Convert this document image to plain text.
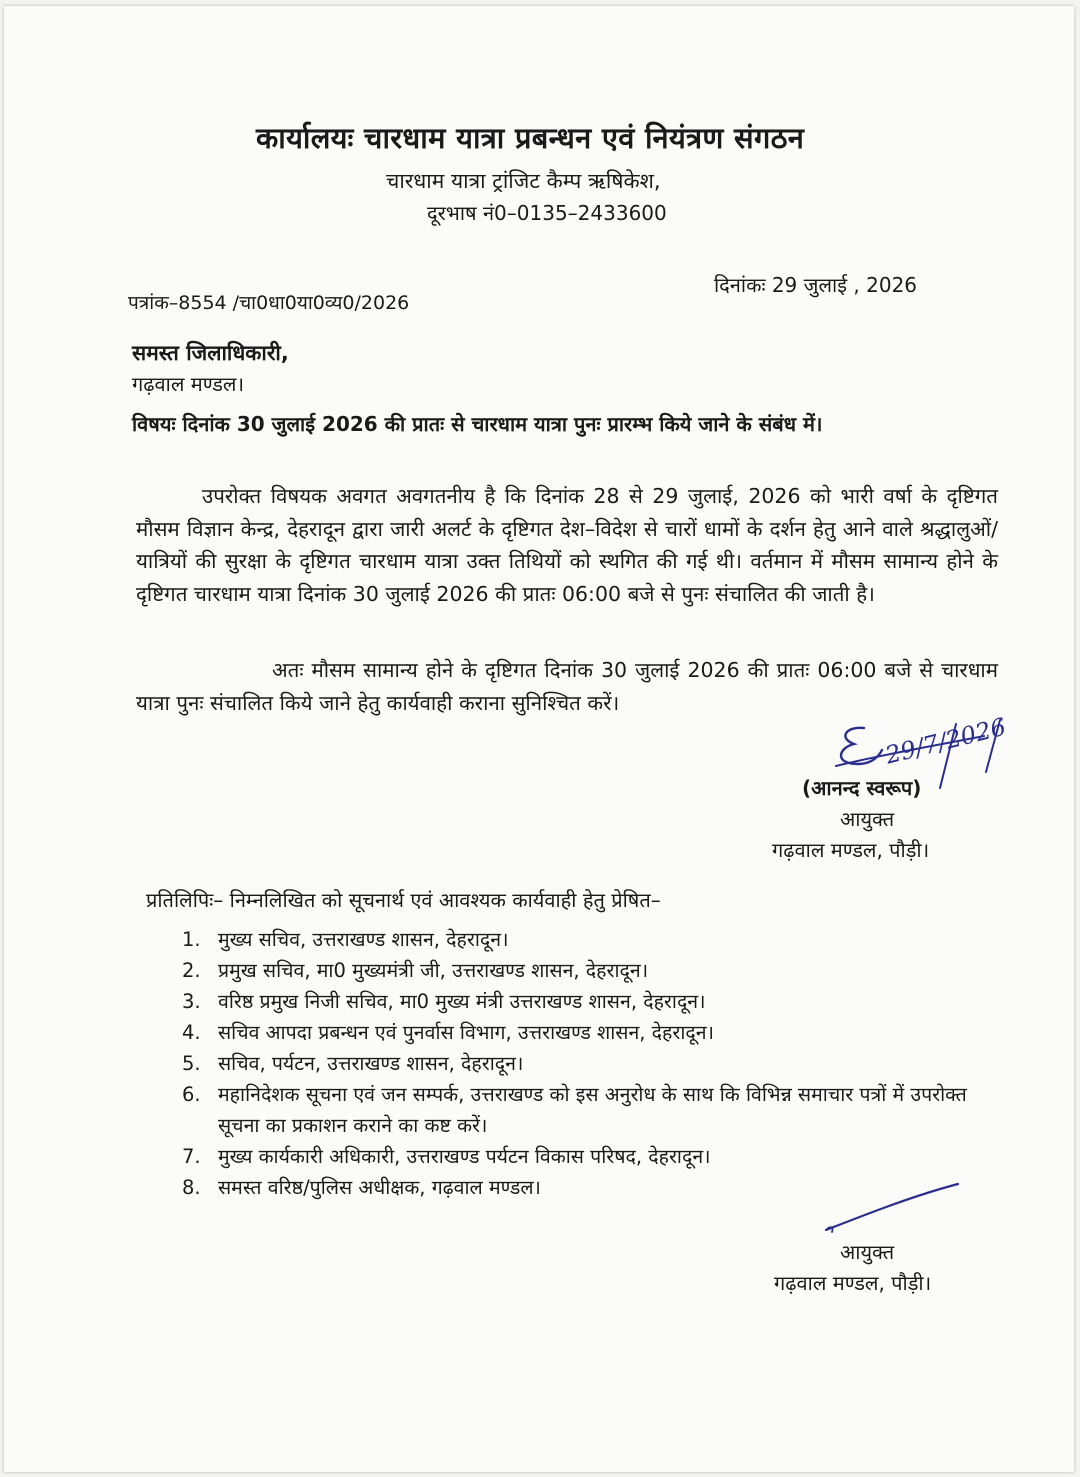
कार्यालयः चारधाम यात्रा प्रबन्धन एवं नियंत्रण संगठन
चारधाम यात्रा ट्रांजिट कैम्प ऋषिकेश,
दूरभाष नं0–0135–2433600
पत्रांक–8554 /चा0धा0या0व्य0/2026
दिनांकः 29 जुलाई , 2026
समस्त जिलाधिकारी,
गढ़वाल मण्डल।
विषयः दिनांक 30 जुलाई 2026 की प्रातः से चारधाम यात्रा पुनः प्रारम्भ किये जाने के संबंध में।
उपरोक्त विषयक अवगत अवगतनीय है कि दिनांक 28 से 29 जुलाई, 2026 को भारी वर्षा के दृष्टिगत मौसम विज्ञान केन्द्र, देहरादून द्वारा जारी अलर्ट के दृष्टिगत देश–विदेश से चारों धामों के दर्शन हेतु आने वाले श्रद्धालुओं/यात्रियों की सुरक्षा के दृष्टिगत चारधाम यात्रा उक्त तिथियों को स्थगित की गई थी। वर्तमान में मौसम सामान्य होने के दृष्टिगत चारधाम यात्रा दिनांक 30 जुलाई 2026 की प्रातः 06:00 बजे से पुनः संचालित की जाती है।
अतः मौसम सामान्य होने के दृष्टिगत दिनांक 30 जुलाई 2026 की प्रातः 06:00 बजे से चारधाम यात्रा पुनः संचालित किये जाने हेतु कार्यवाही कराना सुनिश्चित करें।
29/7/2026
(आनन्द स्वरूप)
आयुक्त
गढ़वाल मण्डल, पौड़ी।
प्रतिलिपिः– निम्नलिखित को सूचनार्थ एवं आवश्यक कार्यवाही हेतु प्रेषित–
1. मुख्य सचिव, उत्तराखण्ड शासन, देहरादून।
2. प्रमुख सचिव, मा0 मुख्यमंत्री जी, उत्तराखण्ड शासन, देहरादून।
3. वरिष्ठ प्रमुख निजी सचिव, मा0 मुख्य मंत्री उत्तराखण्ड शासन, देहरादून।
4. सचिव आपदा प्रबन्धन एवं पुनर्वास विभाग, उत्तराखण्ड शासन, देहरादून।
5. सचिव, पर्यटन, उत्तराखण्ड शासन, देहरादून।
6. महानिदेशक सूचना एवं जन सम्पर्क, उत्तराखण्ड को इस अनुरोध के साथ कि विभिन्न समाचार पत्रों में उपरोक्त सूचना का प्रकाशन कराने का कष्ट करें।
7. मुख्य कार्यकारी अधिकारी, उत्तराखण्ड पर्यटन विकास परिषद, देहरादून।
8. समस्त वरिष्ठ/पुलिस अधीक्षक, गढ़वाल मण्डल।
आयुक्त
गढ़वाल मण्डल, पौड़ी।
